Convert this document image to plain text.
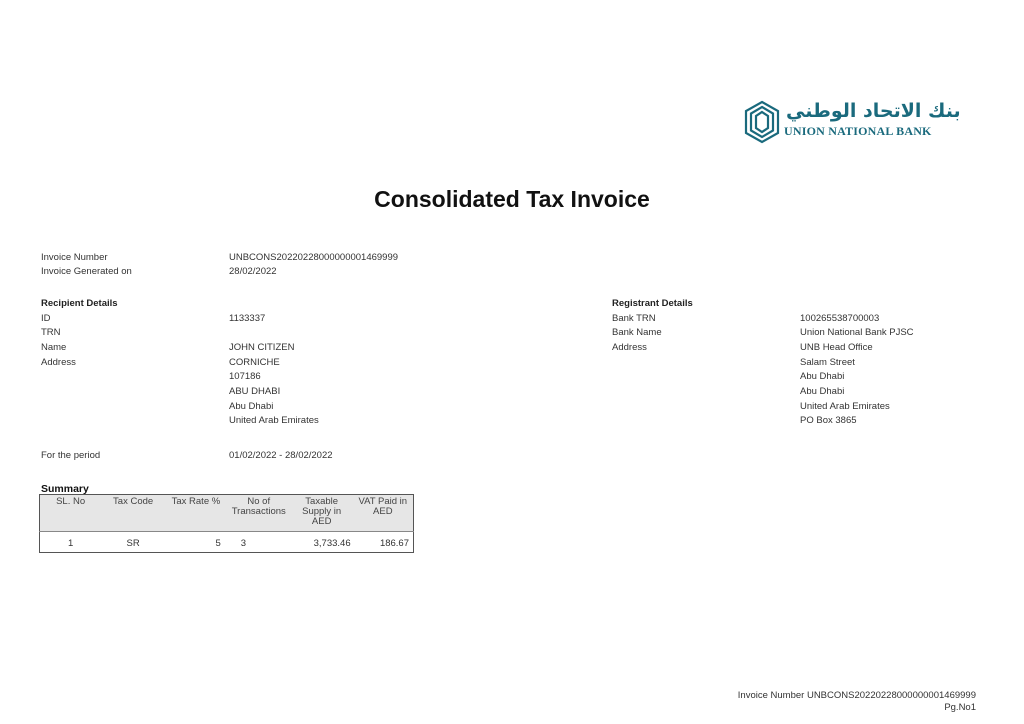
بنك الاتحاد الوطني
UNION NATIONAL BANK
Consolidated Tax Invoice
Invoice Number	UNBCONS20220228000000001469999
Invoice Generated on	28/02/2022
Recipient Details
ID	1133337
TRN
Name	JOHN CITIZEN
Address	CORNICHE
107186
ABU DHABI
Abu Dhabi
United Arab Emirates
Registrant Details
Bank TRN	100265538700003
Bank Name	Union National Bank PJSC
Address	UNB Head Office
Salam Street
Abu Dhabi
Abu Dhabi
United Arab Emirates
PO Box 3865
For the period	01/02/2022 - 28/02/2022
Summary
SL. No	Tax Code	Tax Rate %	No of Transactions	Taxable Supply in AED	VAT Paid in AED
1	SR	5	3	3,733.46	186.67
Invoice Number UNBCONS20220228000000001469999
Pg.No1
